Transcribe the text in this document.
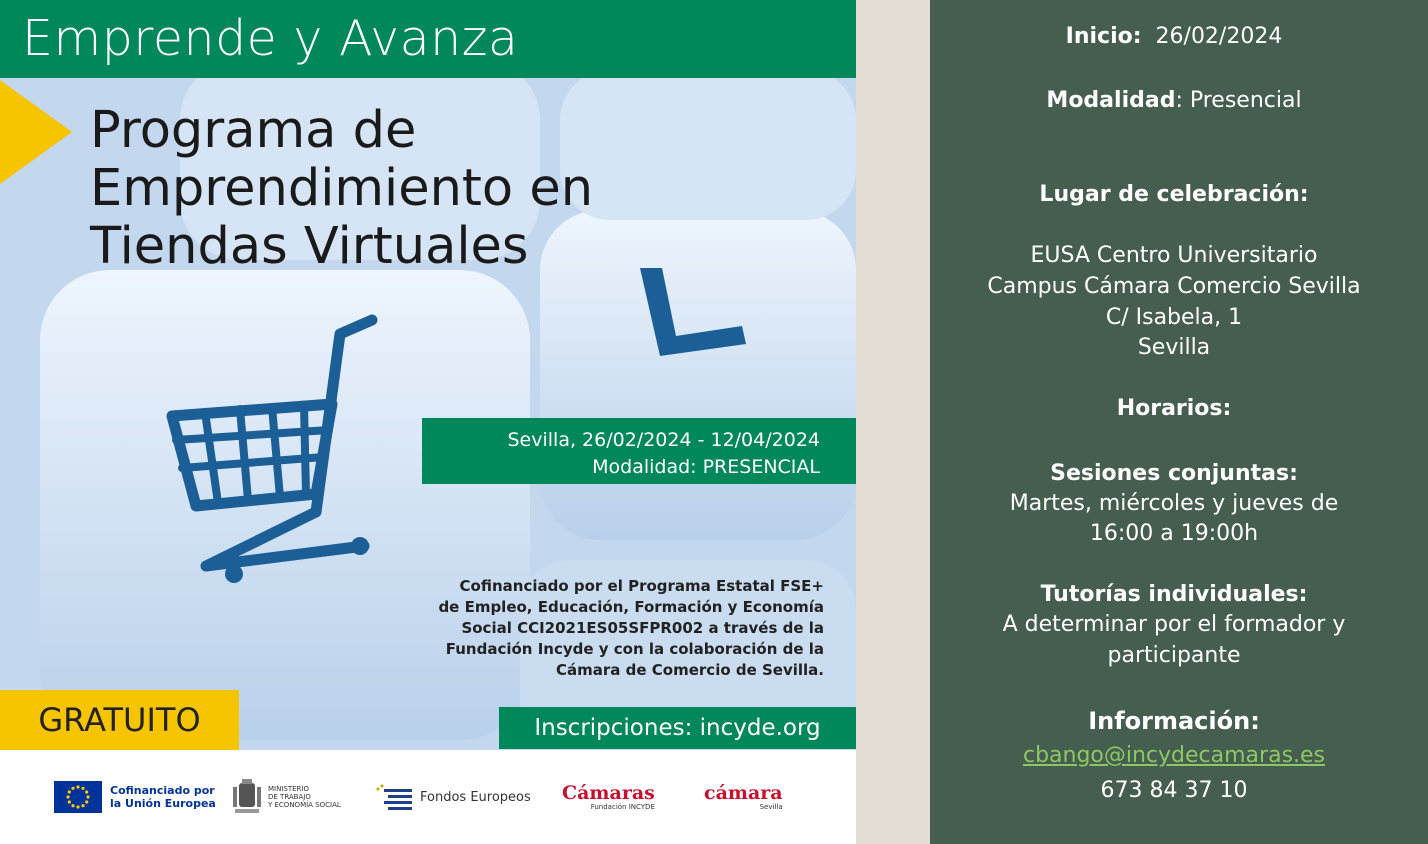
Emprende y Avanza
Programa de
Emprendimiento en
Tiendas Virtuales
Sevilla, 26/02/2024 - 12/04/2024
Modalidad: PRESENCIAL
Cofinanciado por el Programa Estatal FSE+
de Empleo, Educación, Formación y Economía
Social CCI2021ES05SFPR002 a través de la
Fundación Incyde y con la colaboración de la
Cámara de Comercio de Sevilla.
GRATUITO	Inscripciones: incyde.org
Cofinanciado por
la Unión Europea
MINISTERIO
DE TRABAJO
Y ECONOMÍA SOCIAL
Fondos Europeos Cámaras
Fundación INCYDE
cámara
Sevilla
Inicio: 26/02/2024
Modalidad: Presencial
Lugar de celebración:
EUSA Centro Universitario
Campus Cámara Comercio Sevilla
C/ Isabela, 1
Sevilla
Horarios:
Sesiones conjuntas:
Martes, miércoles y jueves de
16:00 a 19:00h
Tutorías individuales:
A determinar por el formador y
participante
Información:
cbango@incydecamaras.es
673 84 37 10
